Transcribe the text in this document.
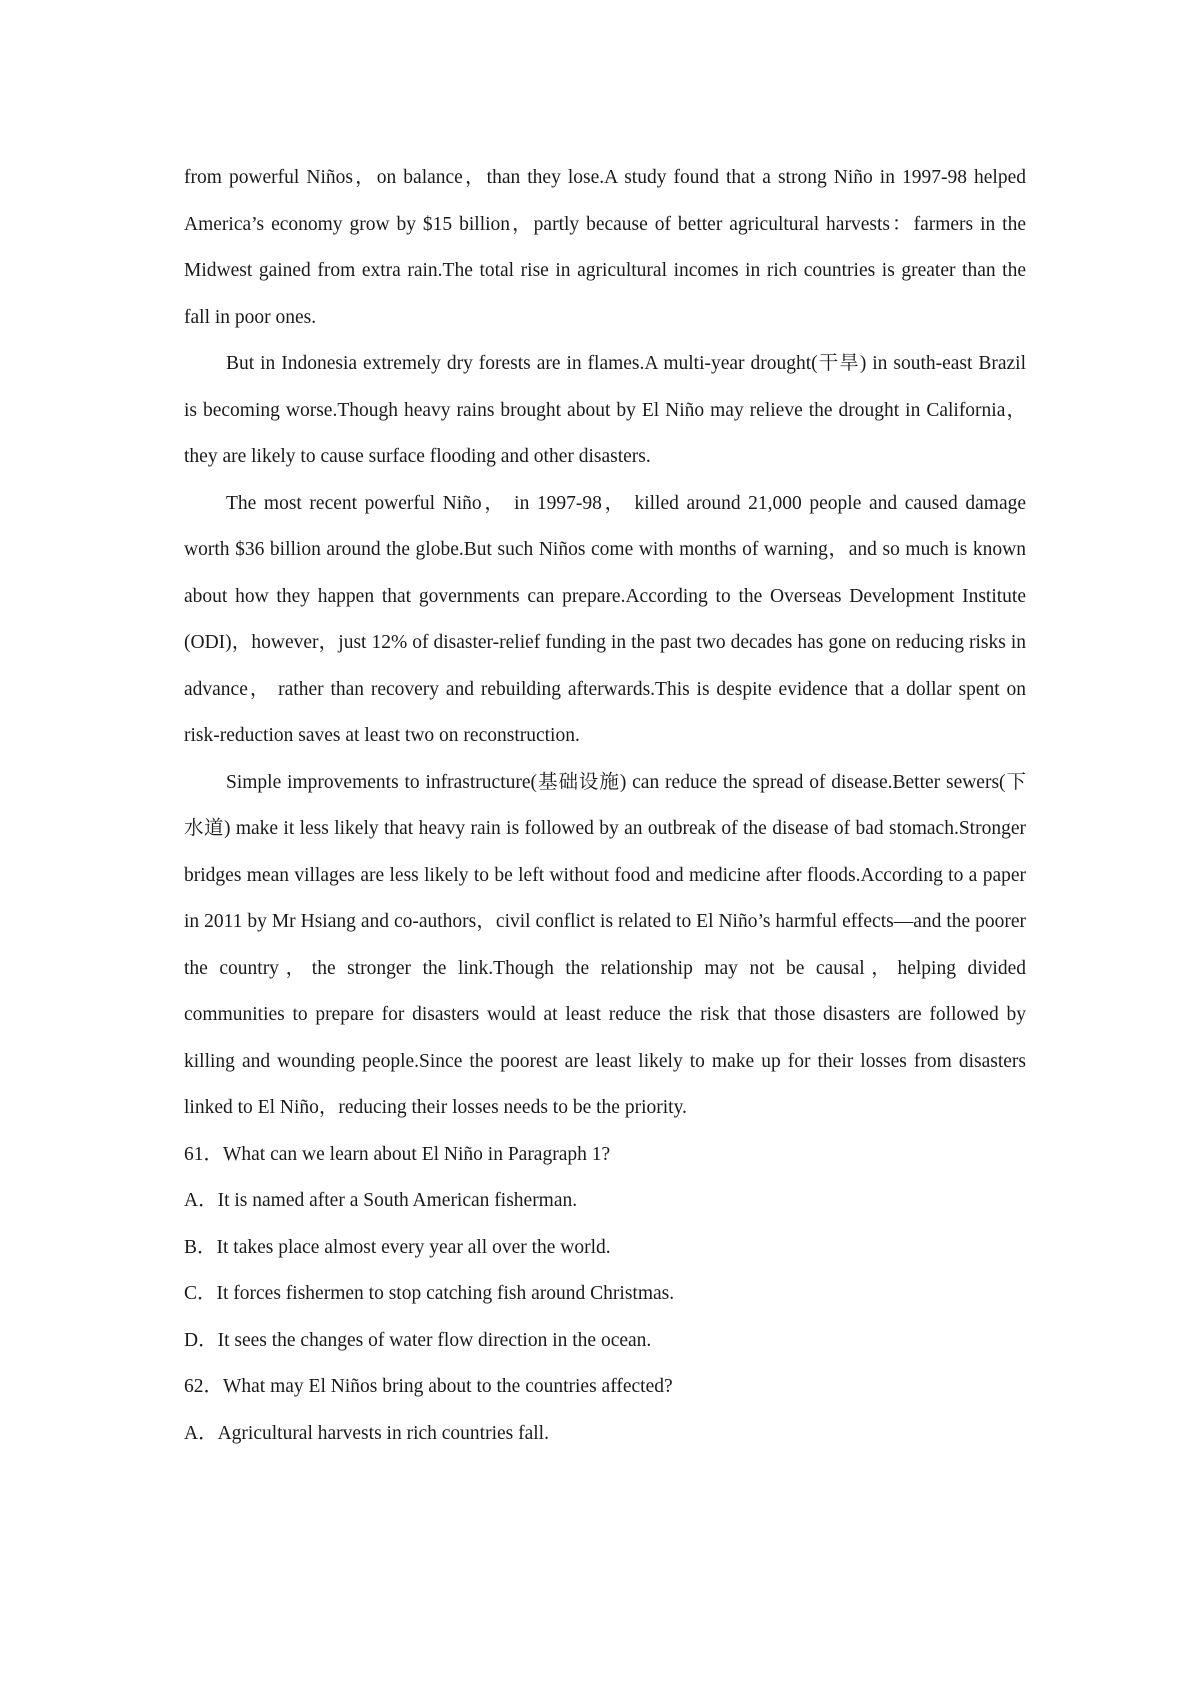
from powerful Niños，on balance，than they lose.A study found that a strong Niño in 1997-98 helped America’s economy grow by $15 billion，partly because of better agricultural harvests：farmers in the Midwest gained from extra rain.The total rise in agricultural incomes in rich countries is greater than the fall in poor ones.

But in Indonesia extremely dry forests are in flames.A multi-year drought(干旱) in south-east Brazil is becoming worse.Though heavy rains brought about by El Niño may relieve the drought in California，they are likely to cause surface flooding and other disasters.

The most recent powerful Niño， in 1997-98， killed around 21,000 people and caused damage worth $36 billion around the globe.But such Niños come with months of warning，and so much is known about how they happen that governments can prepare.According to the Overseas Development Institute (ODI)，however，just 12% of disaster-relief funding in the past two decades has gone on reducing risks in advance， rather than recovery and rebuilding afterwards.This is despite evidence that a dollar spent on risk-reduction saves at least two on reconstruction.

Simple improvements to infrastructure(基础设施) can reduce the spread of disease.Better sewers(下水道) make it less likely that heavy rain is followed by an outbreak of the disease of bad stomach.Stronger bridges mean villages are less likely to be left without food and medicine after floods.According to a paper in 2011 by Mr Hsiang and co-authors，civil conflict is related to El Niño’s harmful effects—and the poorer the country，the stronger the link.Though the relationship may not be causal，helping divided communities to prepare for disasters would at least reduce the risk that those disasters are followed by killing and wounding people.Since the poorest are least likely to make up for their losses from disasters linked to El Niño，reducing their losses needs to be the priority.

61．What can we learn about El Niño in Paragraph 1?

A．It is named after a South American fisherman.

B．It takes place almost every year all over the world.

C．It forces fishermen to stop catching fish around Christmas.

D．It sees the changes of water flow direction in the ocean.

62．What may El Niños bring about to the countries affected?

A．Agricultural harvests in rich countries fall.
